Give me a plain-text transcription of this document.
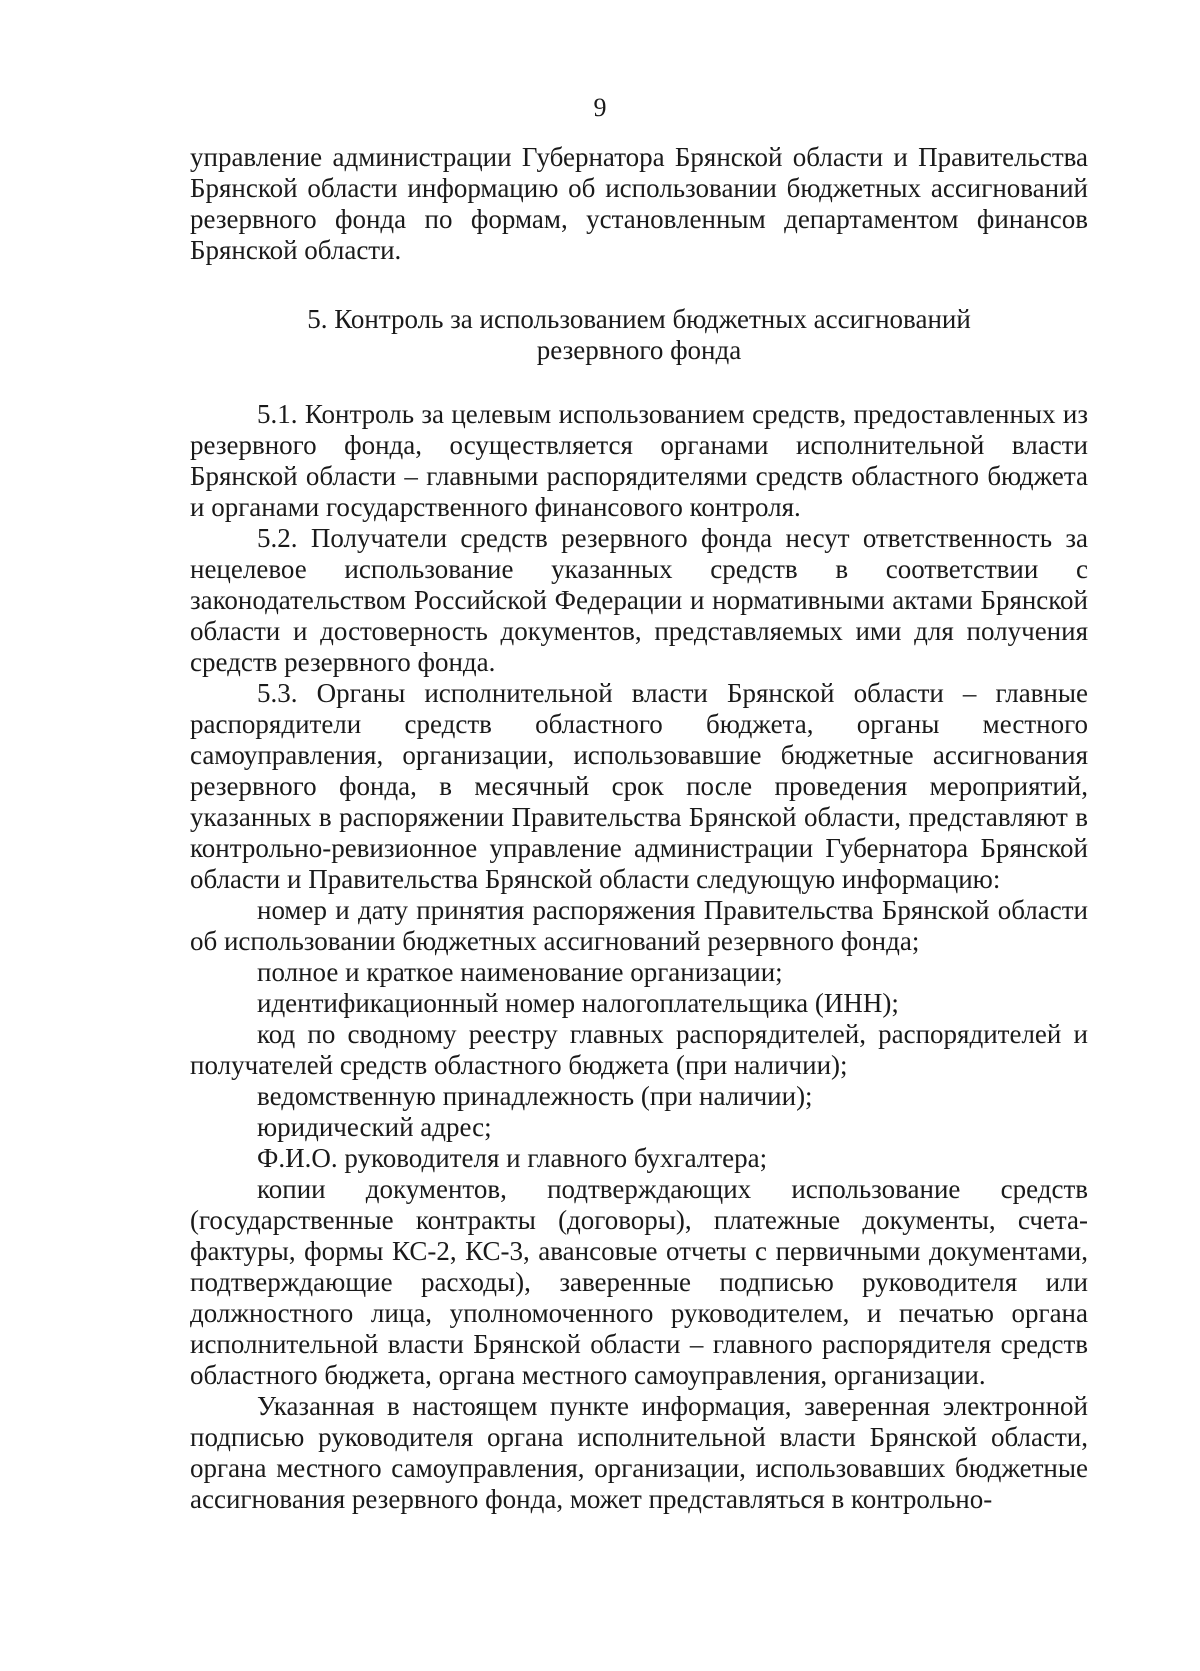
9

управление администрации Губернатора Брянской области и Правительства Брянской области информацию об использовании бюджетных ассигнований резервного фонда по формам, установленным департаментом финансов Брянской области.

5. Контроль за использованием бюджетных ассигнований
резервного фонда

5.1. Контроль за целевым использованием средств, предоставленных из резервного фонда, осуществляется органами исполнительной власти Брянской области – главными распорядителями средств областного бюджета и органами государственного финансового контроля.

5.2. Получатели средств резервного фонда несут ответственность за нецелевое использование указанных средств в соответствии с законодательством Российской Федерации и нормативными актами Брянской области и достоверность документов, представляемых ими для получения средств резервного фонда.

5.3. Органы исполнительной власти Брянской области – главные распорядители средств областного бюджета, органы местного самоуправления, организации, использовавшие бюджетные ассигнования резервного фонда, в месячный срок после проведения мероприятий, указанных в распоряжении Правительства Брянской области, представляют в контрольно-ревизионное управление администрации Губернатора Брянской области и Правительства Брянской области следующую информацию:

номер и дату принятия распоряжения Правительства Брянской области об использовании бюджетных ассигнований резервного фонда;

полное и краткое наименование организации;

идентификационный номер налогоплательщика (ИНН);

код по сводному реестру главных распорядителей, распорядителей и получателей средств областного бюджета (при наличии);

ведомственную принадлежность (при наличии);

юридический адрес;

Ф.И.О. руководителя и главного бухгалтера;

копии документов, подтверждающих использование средств (государственные контракты (договоры), платежные документы, счета-фактуры, формы КС-2, КС-3, авансовые отчеты с первичными документами, подтверждающие расходы), заверенные подписью руководителя или должностного лица, уполномоченного руководителем, и печатью органа исполнительной власти Брянской области – главного распорядителя средств областного бюджета, органа местного самоуправления, организации.

Указанная в настоящем пункте информация, заверенная электронной подписью руководителя органа исполнительной власти Брянской области, органа местного самоуправления, организации, использовавших бюджетные ассигнования резервного фонда, может представляться в контрольно-
